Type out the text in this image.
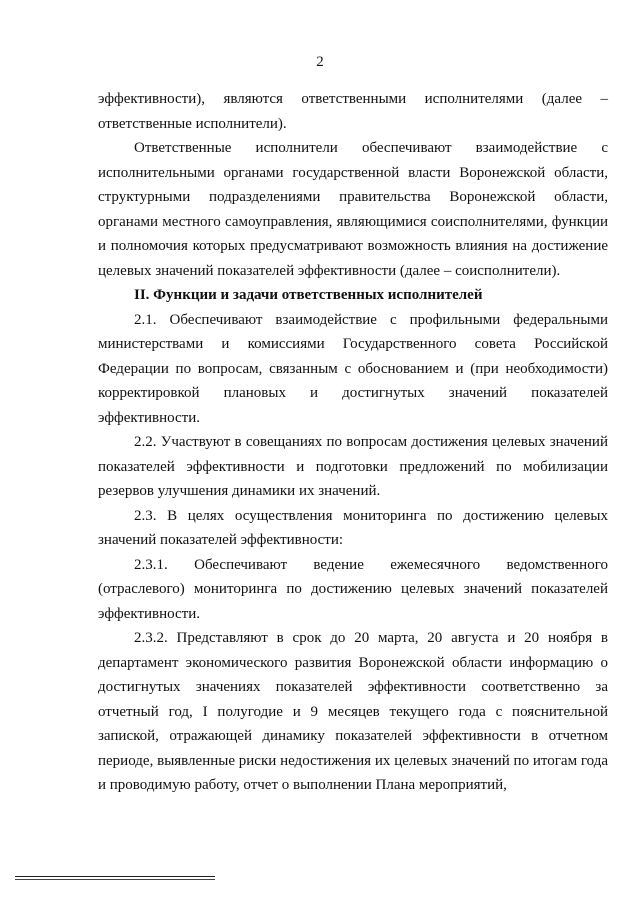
2

эффективности), являются ответственными исполнителями (далее – ответственные исполнители).

Ответственные исполнители обеспечивают взаимодействие с исполнительными органами государственной власти Воронежской области, структурными подразделениями правительства Воронежской области, органами местного самоуправления, являющимися соисполнителями, функции и полномочия которых предусматривают возможность влияния на достижение целевых значений показателей эффективности (далее – соисполнители).

II. Функции и задачи ответственных исполнителей

2.1. Обеспечивают взаимодействие с профильными федеральными министерствами и комиссиями Государственного совета Российской Федерации по вопросам, связанным с обоснованием и (при необходимости) корректировкой плановых и достигнутых значений показателей эффективности.

2.2. Участвуют в совещаниях по вопросам достижения целевых значений показателей эффективности и подготовки предложений по мобилизации резервов улучшения динамики их значений.

2.3. В целях осуществления мониторинга по достижению целевых значений показателей эффективности:

2.3.1. Обеспечивают ведение ежемесячного ведомственного (отраслевого) мониторинга по достижению целевых значений показателей эффективности.

2.3.2. Представляют в срок до 20 марта, 20 августа и 20 ноября в департамент экономического развития Воронежской области информацию о достигнутых значениях показателей эффективности соответственно за отчетный год, I полугодие и 9 месяцев текущего года с пояснительной запиской, отражающей динамику показателей эффективности в отчетном периоде, выявленные риски недостижения их целевых значений по итогам года и проводимую работу, отчет о выполнении Плана мероприятий,
